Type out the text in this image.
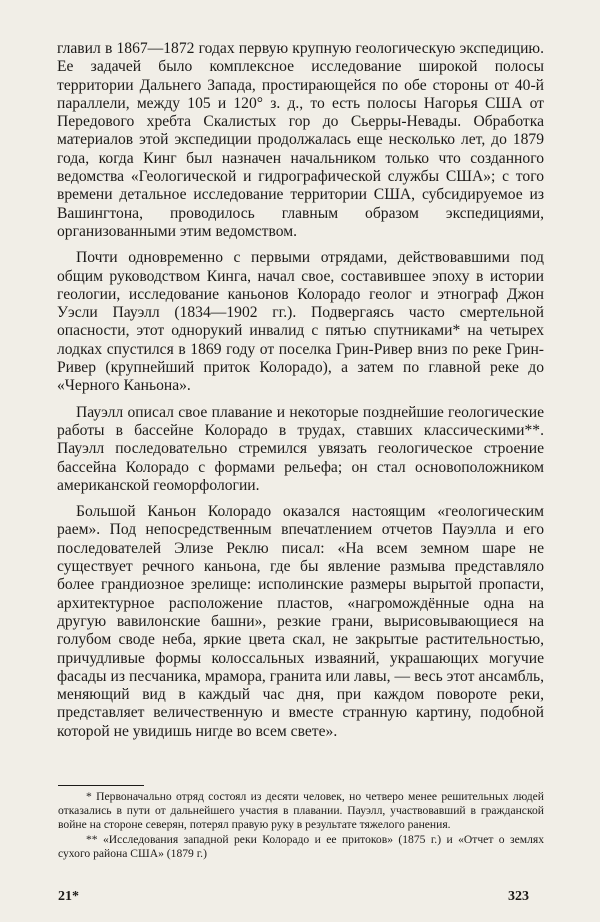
главил в 1867—1872 годах первую крупную геологическую экспедицию. Ее задачей было комплексное исследование широкой полосы территории Дальнего Запада, простирающейся по обе стороны от 40-й параллели, между 105 и 120° з. д., то есть полосы Нагорья США от Передового хребта Скалистых гор до Сьерры-Невады. Обработка материалов этой экспедиции продолжалась еще несколько лет, до 1879 года, когда Кинг был назначен начальником только что созданного ведомства «Геологической и гидрографической службы США»; с того времени детальное исследование территории США, субсидируемое из Вашингтона, проводилось главным образом экспедициями, организованными этим ведомством.

Почти одновременно с первыми отрядами, действовавшими под общим руководством Кинга, начал свое, составившее эпоху в истории геологии, исследование каньонов Колорадо геолог и этнограф Джон Уэсли Пауэлл (1834—1902 гг.). Подвергаясь часто смертельной опасности, этот однорукий инвалид с пятью спутниками* на четырех лодках спустился в 1869 году от поселка Грин-Ривер вниз по реке Грин-Ривер (крупнейший приток Колорадо), а затем по главной реке до «Черного Каньона».

Пауэлл описал свое плавание и некоторые позднейшие геологические работы в бассейне Колорадо в трудах, ставших классическими**. Пауэлл последовательно стремился увязать геологическое строение бассейна Колорадо с формами рельефа; он стал основоположником американской геоморфологии.

Большой Каньон Колорадо оказался настоящим «геологическим раем». Под непосредственным впечатлением отчетов Пауэлла и его последователей Элизе Реклю писал: «На всем земном шаре не существует речного каньона, где бы явление размыва представляло более грандиозное зрелище: исполинские размеры вырытой пропасти, архитектурное расположение пластов, «нагромождённые одна на другую вавилонские башни», резкие грани, вырисовывающиеся на голубом своде неба, яркие цвета скал, не закрытые растительностью, причудливые формы колоссальных изваяний, украшающих могучие фасады из песчаника, мрамора, гранита или лавы, — весь этот ансамбль, меняющий вид в каждый час дня, при каждом повороте реки, представляет величественную и вместе странную картину, подобной которой не увидишь нигде во всем свете».

* Первоначально отряд состоял из десяти человек, но четверо менее решительных людей отказались в пути от дальнейшего участия в плавании. Пауэлл, участвовавший в гражданской войне на стороне северян, потерял правую руку в результате тяжелого ранения.

** «Исследования западной реки Колорадо и ее притоков» (1875 г.) и «Отчет о землях сухого района США» (1879 г.)

21*	323
